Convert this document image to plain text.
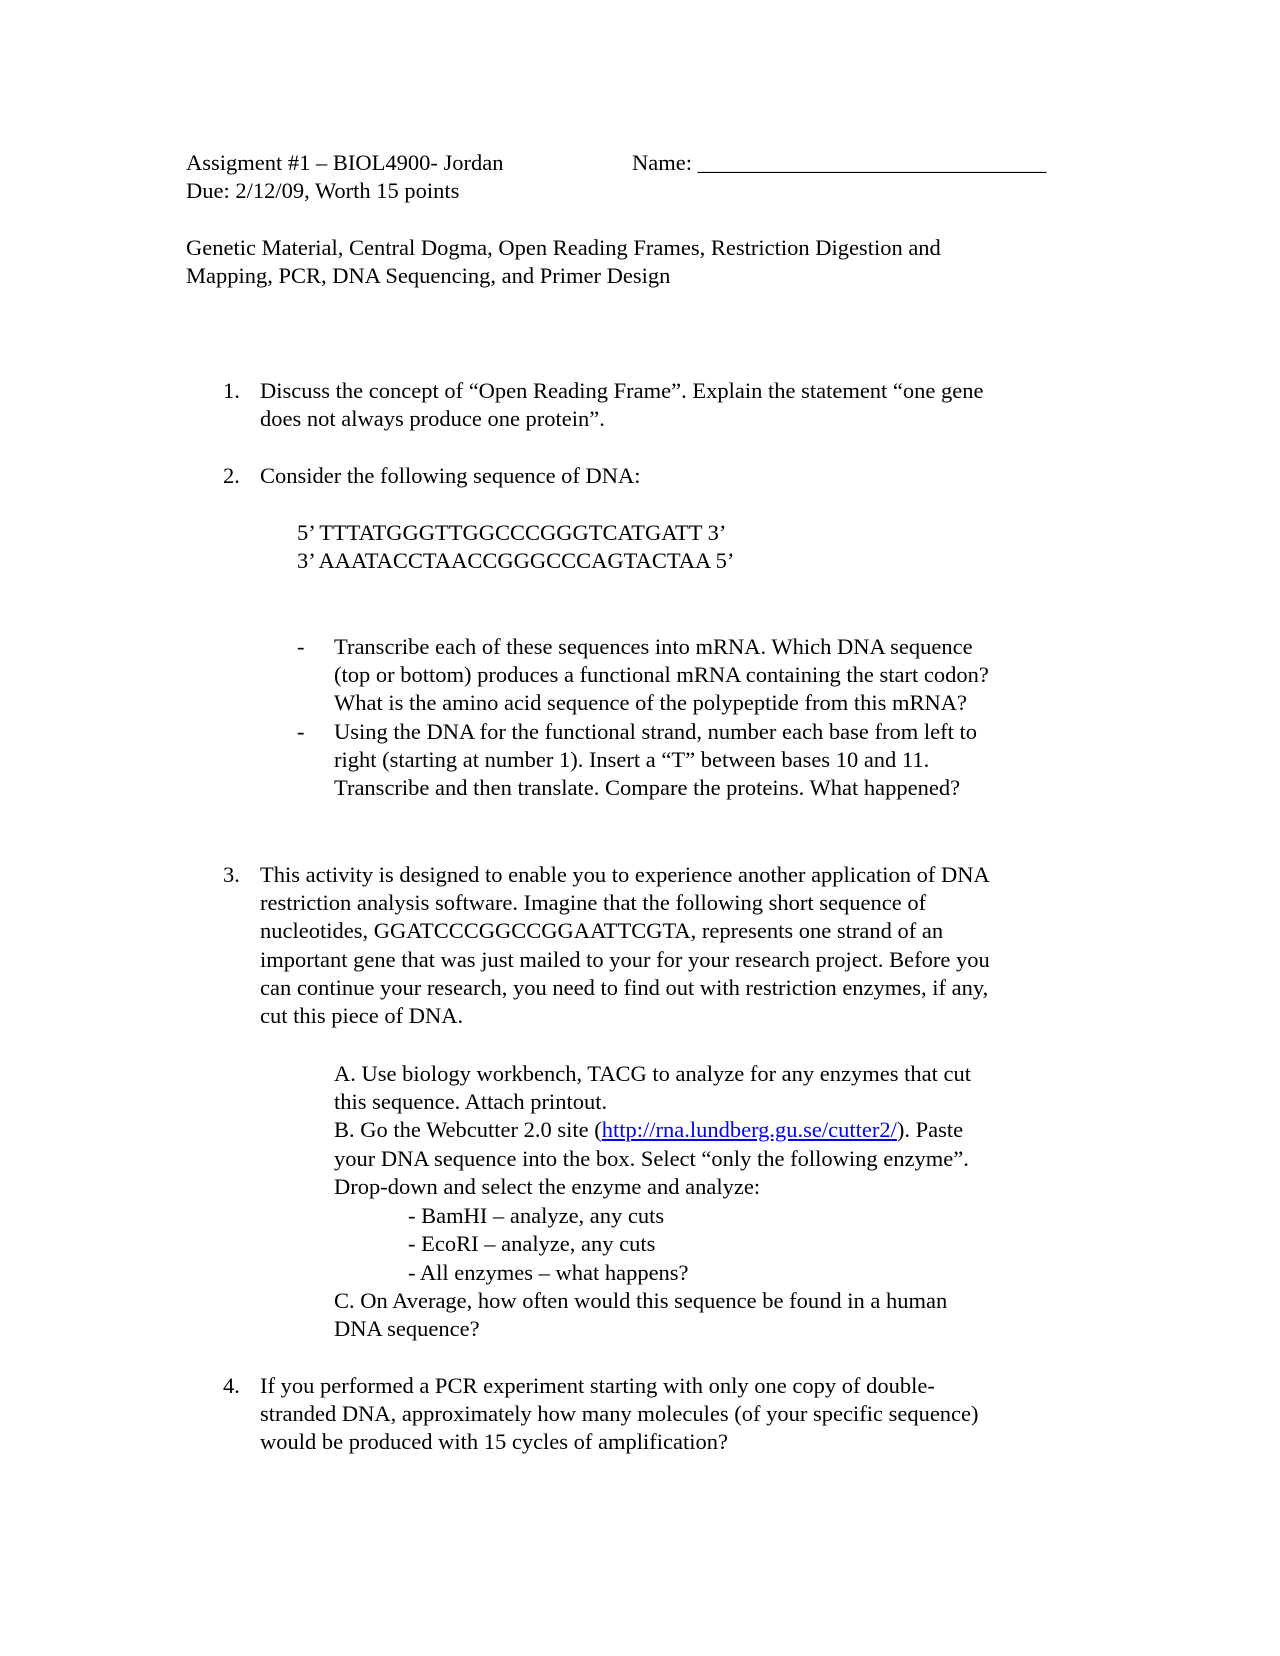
Assigment #1 – BIOL4900- Jordan	Name: _______________________________
Due: 2/12/09, Worth 15 points
Genetic Material, Central Dogma, Open Reading Frames, Restriction Digestion and
Mapping, PCR, DNA Sequencing, and Primer Design
1. Discuss the concept of “Open Reading Frame”. Explain the statement “one gene
does not always produce one protein”.
2. Consider the following sequence of DNA:
5’ TTTATGGGTTGGCCCGGGTCATGATT 3’
3’ AAATACCTAACCGGGCCCAGTACTAA 5’
- Transcribe each of these sequences into mRNA. Which DNA sequence
(top or bottom) produces a functional mRNA containing the start codon?
What is the amino acid sequence of the polypeptide from this mRNA?
- Using the DNA for the functional strand, number each base from left to
right (starting at number 1). Insert a “T” between bases 10 and 11.
Transcribe and then translate. Compare the proteins. What happened?
3. This activity is designed to enable you to experience another application of DNA
restriction analysis software. Imagine that the following short sequence of
nucleotides, GGATCCCGGCCGGAATTCGTA, represents one strand of an
important gene that was just mailed to your for your research project. Before you
can continue your research, you need to find out with restriction enzymes, if any,
cut this piece of DNA.
A. Use biology workbench, TACG to analyze for any enzymes that cut
this sequence. Attach printout.
B. Go the Webcutter 2.0 site (http://rna.lundberg.gu.se/cutter2/). Paste
your DNA sequence into the box. Select “only the following enzyme”.
Drop-down and select the enzyme and analyze:
- BamHI – analyze, any cuts
- EcoRI – analyze, any cuts
- All enzymes – what happens?
C. On Average, how often would this sequence be found in a human
DNA sequence?
4. If you performed a PCR experiment starting with only one copy of double-
stranded DNA, approximately how many molecules (of your specific sequence)
would be produced with 15 cycles of amplification?
